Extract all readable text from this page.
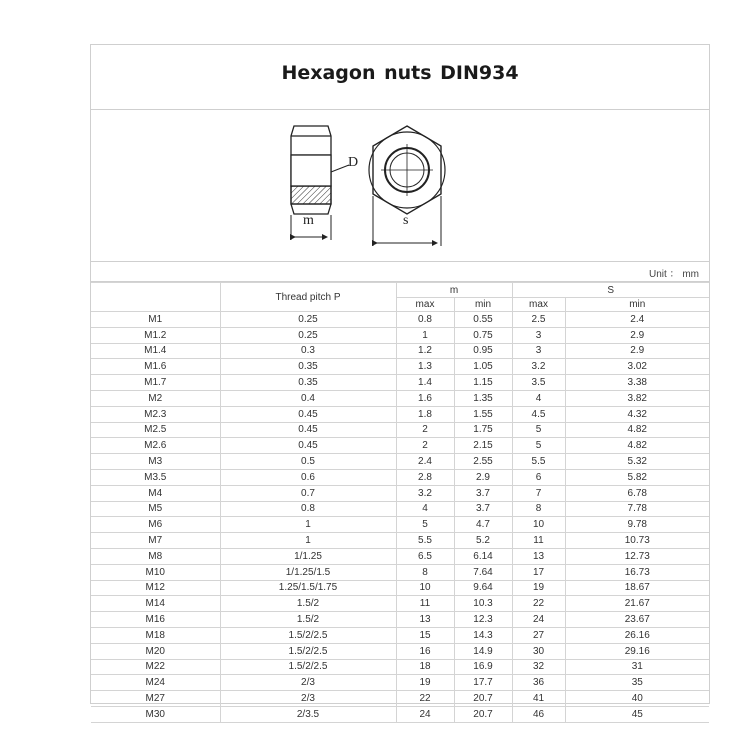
Hexagon nuts DIN934
D
m	s
Unit ： mm
	Thread pitch P	m		S	
		max	min	max	min
M1	0.25	0.8	0.55	2.5	2.4
M1.2	0.25	1	0.75	3	2.9
M1.4	0.3	1.2	0.95	3	2.9
M1.6	0.35	1.3	1.05	3.2	3.02
M1.7	0.35	1.4	1.15	3.5	3.38
M2	0.4	1.6	1.35	4	3.82
M2.3	0.45	1.8	1.55	4.5	4.32
M2.5	0.45	2	1.75	5	4.82
M2.6	0.45	2	2.15	5	4.82
M3	0.5	2.4	2.55	5.5	5.32
M3.5	0.6	2.8	2.9	6	5.82
M4	0.7	3.2	3.7	7	6.78
M5	0.8	4	3.7	8	7.78
M6	1	5	4.7	10	9.78
M7	1	5.5	5.2	11	10.73
M8	1/1.25	6.5	6.14	13	12.73
M10	1/1.25/1.5	8	7.64	17	16.73
M12	1.25/1.5/1.75	10	9.64	19	18.67
M14	1.5/2	11	10.3	22	21.67
M16	1.5/2	13	12.3	24	23.67
M18	1.5/2/2.5	15	14.3	27	26.16
M20	1.5/2/2.5	16	14.9	30	29.16
M22	1.5/2/2.5	18	16.9	32	31
M24	2/3	19	17.7	36	35
M27	2/3	22	20.7	41	40
M30	2/3.5	24	20.7	46	45
